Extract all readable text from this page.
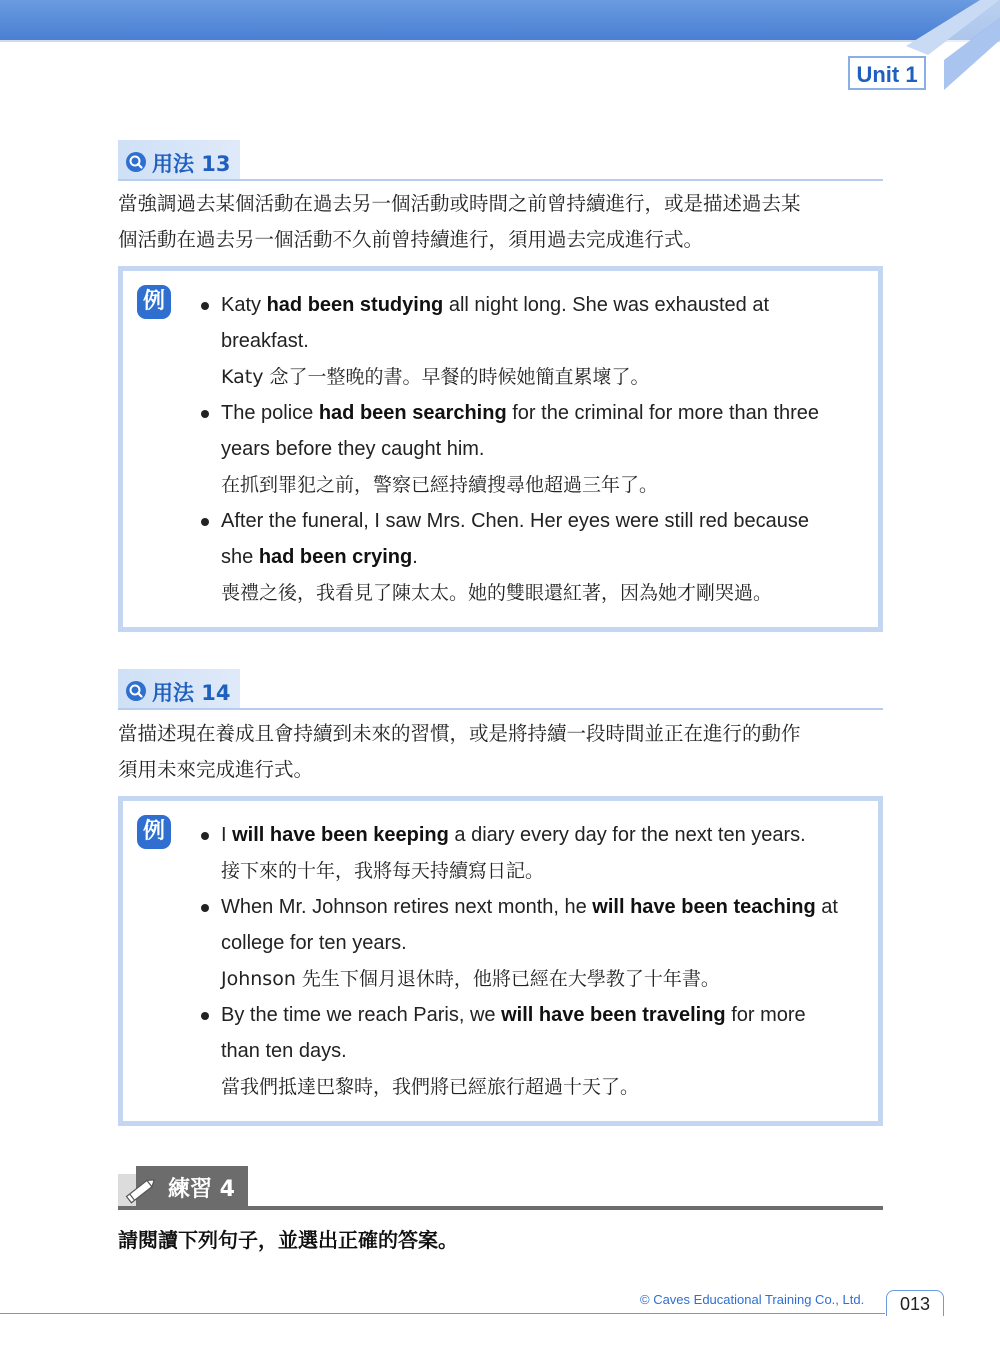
Unit 1
用法 13
當強調過去某個活動在過去另一個活動或時間之前曾持續進行，或是描述過去某
個活動在過去另一個活動不久前曾持續進行，須用過去完成進行式。
例	Katy had been studying all night long. She was exhausted at
breakfast.
Katy 念了一整晚的書。早餐的時候她簡直累壞了。
The police had been searching for the criminal for more than three
years before they caught him.
在抓到罪犯之前，警察已經持續搜尋他超過三年了。
After the funeral, I saw Mrs. Chen. Her eyes were still red because
she had been crying.
喪禮之後，我看見了陳太太。她的雙眼還紅著，因為她才剛哭過。
用法 14
當描述現在養成且會持續到未來的習慣，或是將持續一段時間並正在進行的動作
須用未來完成進行式。
例	I will have been keeping a diary every day for the next ten years.
接下來的十年，我將每天持續寫日記。
When Mr. Johnson retires next month, he will have been teaching at
college for ten years.
Johnson 先生下個月退休時，他將已經在大學教了十年書。
By the time we reach Paris, we will have been traveling for more
than ten days.
當我們抵達巴黎時，我們將已經旅行超過十天了。
練習 4
請閱讀下列句子，並選出正確的答案。
© Caves Educational Training Co., Ltd.	013
